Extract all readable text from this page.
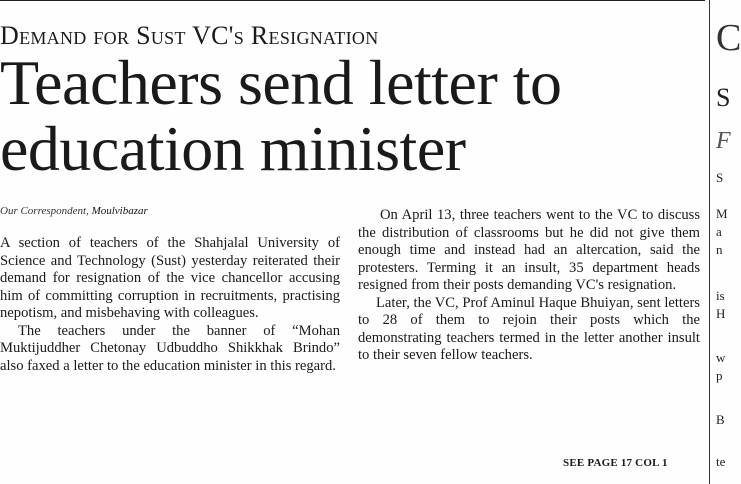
Demand for Sust VC's Resignation
Teachers send letter to
education minister
Our Correspondent, Moulvibazar

A section of teachers of the Shahjalal University of Science and Technology (Sust) yesterday reiterated their demand for resignation of the vice chancellor accusing him of committing corruption in recruitments, practising nepotism, and misbehaving with colleagues.

The teachers under the banner of “Mohan Muktijuddher Chetonay Udbuddho Shikkhak Brindo” also faxed a letter to the education minister in this regard.

On April 13, three teachers went to the VC to discuss the distribution of classrooms but he did not give them enough time and instead had an altercation, said the protesters. Terming it an insult, 35 department heads resigned from their posts demanding VC's resignation.

Later, the VC, Prof Aminul Haque Bhuiyan, sent letters to 28 of them to rejoin their posts which the demonstrating teachers termed in the letter another insult to their seven fellow teachers.

SEE PAGE 17 COL 1
C
S
F
S
M
a
n
is
H
w
p
B
te
